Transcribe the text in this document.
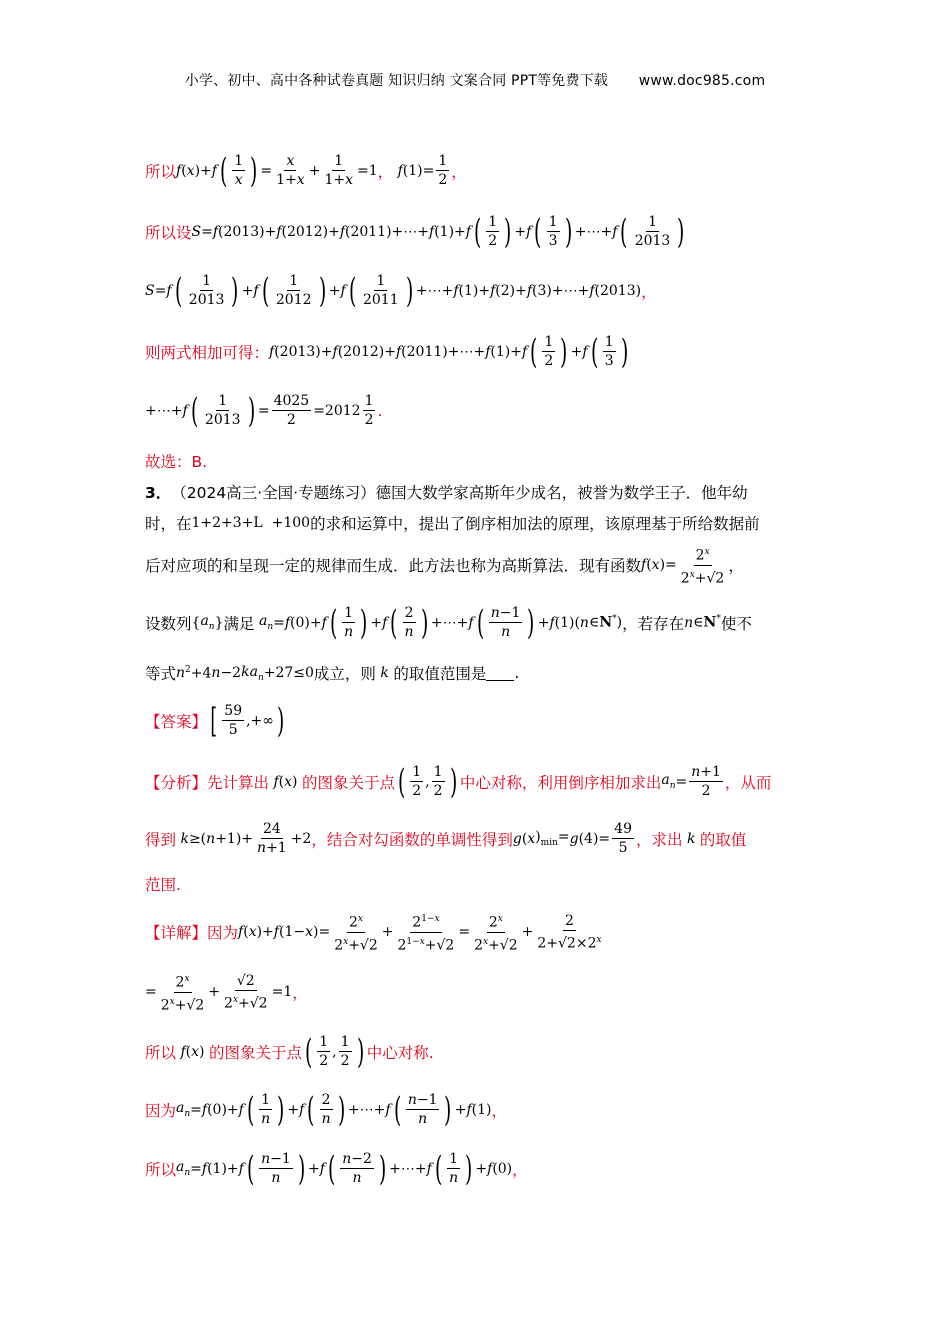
小学、初中、高中各种试卷真题 知识归纳 文案合同 PPT等免费下载 www.doc985.com
所以 f ( x )+ f ( $\frac{1}{x}$ ) = $\frac{x}{1+x} + \frac{1}{1+x} =1$ ， f $(1)= \frac{1}{2}$ ，
所以设 S = f (2013)+ f (2012)+ f (2011)+⋯+ f (1)+ f ( $\frac{1}{2}$ ) + f ( $\frac{1}{3}$ ) +⋯+ f ( $\frac{1}{2013}$ )
S = f ( $\frac{1}{2013}$ ) + f ( $\frac{1}{2012}$ ) + f ( $\frac{1}{2011}$ ) +⋯+ f (1)+ f (2)+ f (3)+⋯+ f (2013) ，
则两式相加可得： f (2013)+ f (2012)+ f (2011)+⋯+ f (1)+ f ( $\frac{1}{2}$ ) + f ( $\frac{1}{3}$ )
+⋯+ f ( $\frac{1}{2013}$ ) = $\frac{4025}{2} =2012 \frac{1}{2}$ .
故选：B.
3． （2024高三·全国·专题练习） 德国大数学家高斯年少成名，被誉为数学王子．他年幼
时，在 1+2+3+L  +100 的求和运算中，提出了倒序相加法的原理，该原理基于所给数据前
后对应项的和呈现一定的规律而生成．此方法也称为高斯算法．现有函数 f ( x )= $\frac{2^x}{2^x+√2}$ ，
设数列 { $a_n$ } 满足 $a_n = f$ (0)+ f ( $\frac{1}{n}$ ) + f ( $\frac{2}{n}$ ) +⋯+ f ( $\frac{n-1}{n}$ ) + f (1)( n ∈N*) ，若存在 n ∈N* 使不
等式 n $^2$+4 n −2 $ka_n +27\le 0$ 成立，则 k 的取值范围是 .
【答案】 [ $\frac{59}{5}$ ,+∞ )
【分析】 先计算出 f ( x ) 的图象关于点 ( $\frac{1}{2}$ , $\frac{1}{2}$ ) 中心对称，利用倒序相加求出 $a_n = \frac{n+1}{2}$ ，从而
得到 k ≥( $n +1)+ \frac{24}{n+1} +2$ ，结合对勾函数的单调性得到 g ( x )$_{min}= g$ $(4)= \frac{49}{5}$ ，求出 k 的取值
范围.
【详解】 因为 f ( x )+ f (1− x )= $\frac{2^x}{2^x+√2} + \frac{2^{1-x}}{2^{1-x}+√2} = \frac{2^x}{2^x+√2} + \frac{2}{2+√2\times 2^x}$
= $\frac{2^x}{2^x+√2} + \frac{√2}{2^x+√2} =1$ ，
所以 f ( x ) 的图象关于点 ( $\frac{1}{2}$ , $\frac{1}{2}$ ) 中心对称.
因为 $a_n = f$ (0)+ f ( $\frac{1}{n}$ ) + f ( $\frac{2}{n}$ ) +⋯+ f ( $\frac{n-1}{n}$ ) + f (1) ，
所以 $a_n = f$ (1)+ f ( $\frac{n-1}{n}$ ) + f ( $\frac{n-2}{n}$ ) +⋯+ f ( $\frac{1}{n}$ ) + f (0) ，
